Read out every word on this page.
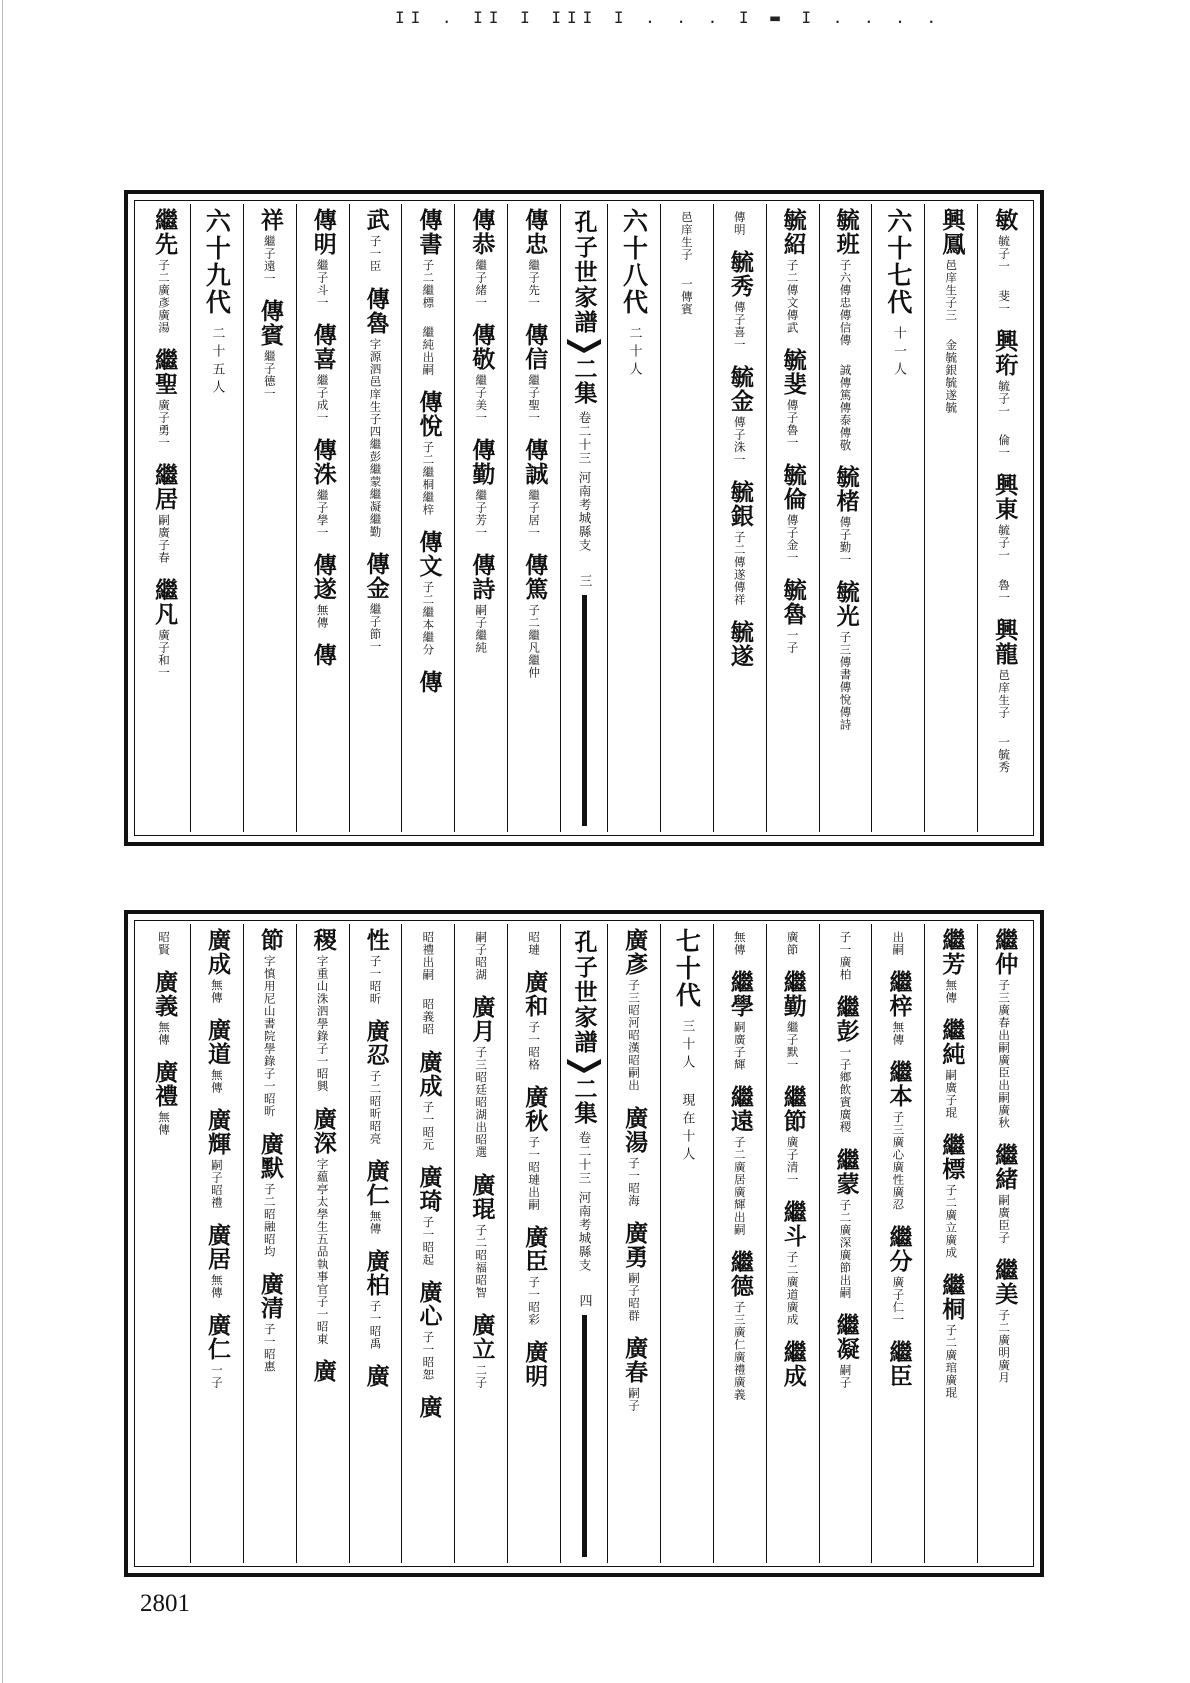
II . II I III I . . . I ▬ I . . . .
敏
毓子一
斐一
興珩
毓子一
倫一
興東
毓子一
魯一
興龍
邑庠生子
一毓秀
興鳳
邑庠生子三
金毓銀毓遂毓
六十七代
十一人
毓班
子六傳忠傳信傳
誠傳篤傳泰傳敬
毓楮
傳子勤一
毓光
子三傳書傳悅傳詩
毓紹
子二傳文傳武
毓斐
傳子魯一
毓倫
傳子金一
毓魯
一子
傳明
毓秀
傳子喜一
毓金
傳子洙一
毓銀
子二傳遂傳祥
毓遂
邑庠生子
一傳賓
六十八代
二十人
孔子世家譜
二集
卷二十三
河南考城縣支
三
傳忠
繼子先一
傳信
繼子聖一
傳誠
繼子居一
傳篤
子二繼凡繼仲
傳恭
繼子緒一
傳敬
繼子美一
傳勤
繼子芳一
傳詩
嗣子繼純
傳書
子二繼標
繼純出嗣
傳悅
子二繼桐繼梓
傳文
子二繼本繼分
傳
武
子一臣
傳魯
字源泗邑庠生子四繼彭繼蒙繼凝繼勤
傳金
繼子節一
傳明
繼子斗一
傳喜
繼子成一
傳洙
繼子學一
傳遂
無傳
傳
祥
繼子遠一
傳賓
繼子德一
六十九代
二十五人
繼先
子二廣彥廣湯
繼聖
廣子勇一
繼居
嗣廣子春
繼凡
廣子和一
繼仲
子三廣春出嗣廣臣出嗣廣秋
繼緒
嗣廣臣子
繼美
子二廣明廣月
繼芳
無傳
繼純
嗣廣子琨
繼標
子二廣立廣成
繼桐
子二廣琯廣琨
出嗣
繼梓
無傳
繼本
子三廣心廣性廣忍
繼分
廣子仁一
繼臣
子一廣柏
繼彭
一子鄉飲賓廣稷
繼蒙
子二廣深廣節出嗣
繼凝
嗣子
廣節
繼勤
繼子默一
繼節
廣子清一
繼斗
子二廣道廣成
繼成
無傳
繼學
嗣廣子輝
繼遠
子二廣居廣輝出嗣
繼德
子三廣仁廣禮廣義
七十代
三十人 現在十人
廣彥
子三昭河昭漢昭嗣出
廣湯
子一昭海
廣勇
嗣子昭群
廣春
嗣子
孔子世家譜
二集
卷二十三
河南考城縣支
四
昭璉
廣和
子一昭格
廣秋
子一昭璉出嗣
廣臣
子一昭彩
廣明
嗣子昭湖
廣月
子三昭廷昭湖出昭選
廣琨
子二昭福昭智
廣立
二子
昭禮出嗣
昭義昭
廣成
子一昭元
廣琦
子一昭起
廣心
子一昭恕
廣
性
子一昭昕
廣忍
子二昭昕昭亮
廣仁
無傳
廣柏
子一昭禹
廣
稷
字重山洙泗學錄子一昭興
廣深
字藴亭太學生五品執事官子一昭東
廣
節
字慎用尼山書院學錄子一昭昕
廣默
子二昭融昭均
廣清
子一昭惠
廣成
無傳
廣道
無傳
廣輝
嗣子昭禮
廣居
無傳
廣仁
一子
昭賢
廣義
無傳
廣禮
無傳
2801
